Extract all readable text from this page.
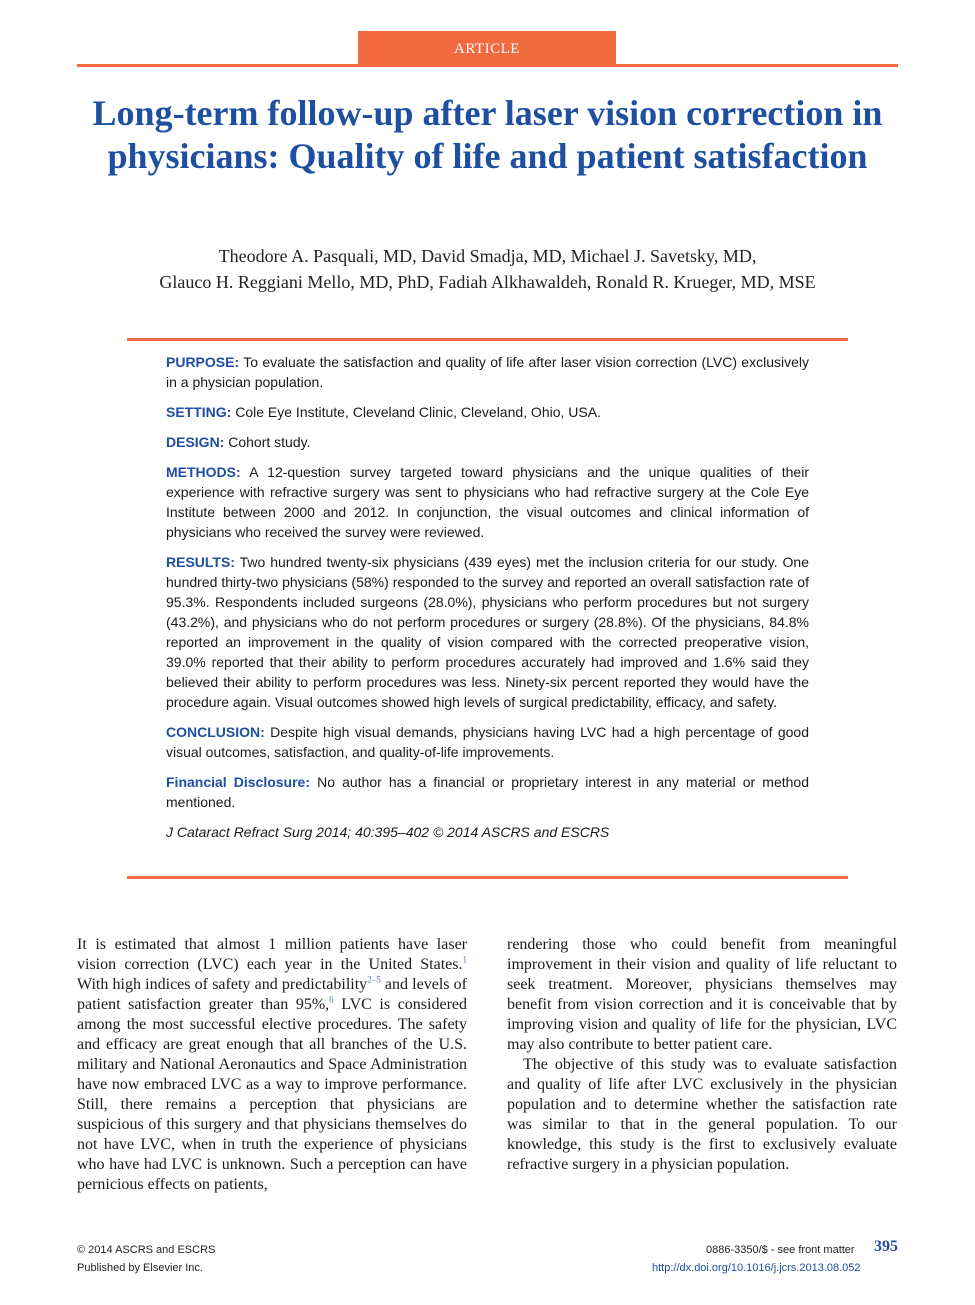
ARTICLE
Long-term follow-up after laser vision correction in physicians: Quality of life and patient satisfaction
Theodore A. Pasquali, MD, David Smadja, MD, Michael J. Savetsky, MD,
Glauco H. Reggiani Mello, MD, PhD, Fadiah Alkhawaldeh, Ronald R. Krueger, MD, MSE

PURPOSE: To evaluate the satisfaction and quality of life after laser vision correction (LVC) exclusively in a physician population.

SETTING: Cole Eye Institute, Cleveland Clinic, Cleveland, Ohio, USA.

DESIGN: Cohort study.

METHODS: A 12-question survey targeted toward physicians and the unique qualities of their experience with refractive surgery was sent to physicians who had refractive surgery at the Cole Eye Institute between 2000 and 2012. In conjunction, the visual outcomes and clinical information of physicians who received the survey were reviewed.

RESULTS: Two hundred twenty-six physicians (439 eyes) met the inclusion criteria for our study. One hundred thirty-two physicians (58%) responded to the survey and reported an overall satisfaction rate of 95.3%. Respondents included surgeons (28.0%), physicians who perform procedures but not surgery (43.2%), and physicians who do not perform procedures or surgery (28.8%). Of the physicians, 84.8% reported an improvement in the quality of vision compared with the corrected preoperative vision, 39.0% reported that their ability to perform procedures accurately had improved and 1.6% said they believed their ability to perform procedures was less. Ninety-six percent reported they would have the procedure again. Visual outcomes showed high levels of surgical predictability, efficacy, and safety.

CONCLUSION: Despite high visual demands, physicians having LVC had a high percentage of good visual outcomes, satisfaction, and quality-of-life improvements.

Financial Disclosure: No author has a financial or proprietary interest in any material or method mentioned.

J Cataract Refract Surg 2014; 40:395–402 © 2014 ASCRS and ESCRS

It is estimated that almost 1 million patients have laser vision correction (LVC) each year in the United States.$^1$ With high indices of safety and predictability$^{2-5}$ and levels of patient satisfaction greater than 95%,$^6$ LVC is considered among the most successful elective procedures. The safety and efficacy are great enough that all branches of the U.S. military and National Aeronautics and Space Administration have now embraced LVC as a way to improve performance. Still, there remains a perception that physicians are suspicious of this surgery and that physicians themselves do not have LVC, when in truth the experience of physicians who have had LVC is unknown. Such a perception can have pernicious effects on patients,

rendering those who could benefit from meaningful improvement in their vision and quality of life reluctant to seek treatment. Moreover, physicians themselves may benefit from vision correction and it is conceivable that by improving vision and quality of life for the physician, LVC may also contribute to better patient care.

The objective of this study was to evaluate satisfaction and quality of life after LVC exclusively in the physician population and to determine whether the satisfaction rate was similar to that in the general population. To our knowledge, this study is the first to exclusively evaluate refractive surgery in a physician population.

© 2014 ASCRS and ESCRS
Published by Elsevier Inc.
0886-3350/$ - see front matter 395
http://dx.doi.org/10.1016/j.jcrs.2013.08.052
